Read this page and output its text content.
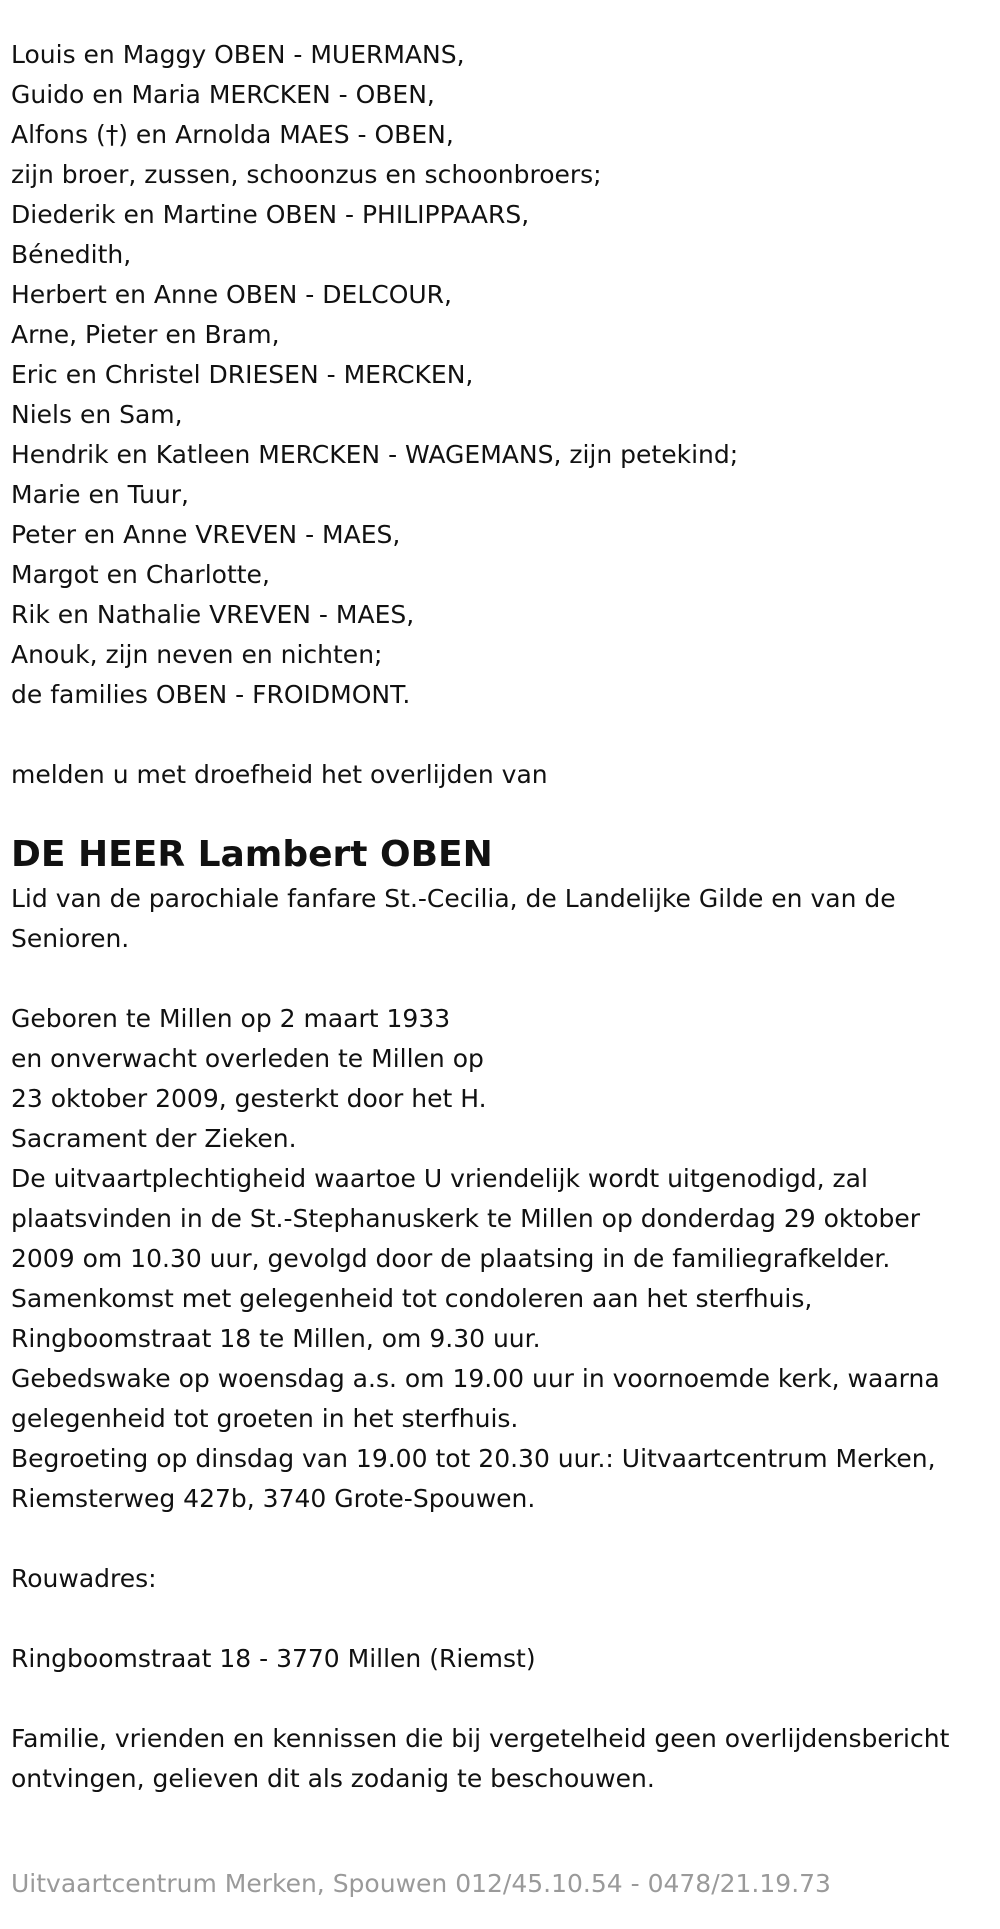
Louis en Maggy OBEN - MUERMANS,

Guido en Maria MERCKEN - OBEN,

Alfons (†) en Arnolda MAES - OBEN,

zijn broer, zussen, schoonzus en schoonbroers;

Diederik en Martine OBEN - PHILIPPAARS,

Bénedith,

Herbert en Anne OBEN - DELCOUR,

Arne, Pieter en Bram,

Eric en Christel DRIESEN - MERCKEN,

Niels en Sam,

Hendrik en Katleen MERCKEN - WAGEMANS, zijn petekind;

Marie en Tuur,

Peter en Anne VREVEN - MAES,

Margot en Charlotte,

Rik en Nathalie VREVEN - MAES,

Anouk, zijn neven en nichten;

de families OBEN - FROIDMONT.

melden u met droefheid het overlijden van

DE HEER Lambert OBEN

Lid van de parochiale fanfare St.-Cecilia, de Landelijke Gilde en van de Senioren.

Geboren te Millen op 2 maart 1933

en onverwacht overleden te Millen op

23 oktober 2009, gesterkt door het H.

Sacrament der Zieken.

De uitvaartplechtigheid waartoe U vriendelijk wordt uitgenodigd, zal plaatsvinden in de St.-Stephanuskerk te Millen op donderdag 29 oktober 2009 om 10.30 uur, gevolgd door de plaatsing in de familiegrafkelder.

Samenkomst met gelegenheid tot condoleren aan het sterfhuis, Ringboomstraat 18 te Millen, om 9.30 uur.

Gebedswake op woensdag a.s. om 19.00 uur in voornoemde kerk, waarna gelegenheid tot groeten in het sterfhuis.

Begroeting op dinsdag van 19.00 tot 20.30 uur.: Uitvaartcentrum Merken, Riemsterweg 427b, 3740 Grote-Spouwen.

Rouwadres:

Ringboomstraat 18 - 3770 Millen (Riemst)

Familie, vrienden en kennissen die bij vergetelheid geen overlijdensbericht ontvingen, gelieven dit als zodanig te beschouwen.

Uitvaartcentrum Merken, Spouwen 012/45.10.54 - 0478/21.19.73
